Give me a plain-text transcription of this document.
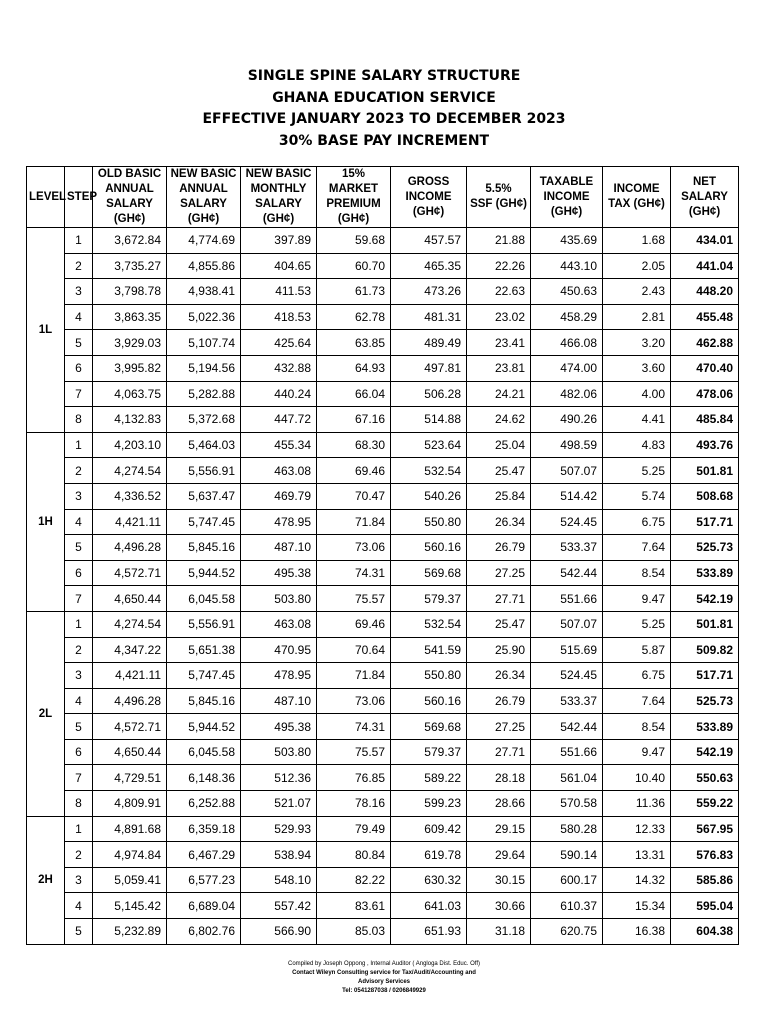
SINGLE SPINE SALARY STRUCTURE
GHANA EDUCATION SERVICE
EFFECTIVE JANUARY 2023 TO DECEMBER 2023
30% BASE PAY INCREMENT
LEVEL	STEP	OLD BASIC
ANNUAL
SALARY
(GH¢)	NEW BASIC
ANNUAL
SALARY
(GH¢)	NEW BASIC
MONTHLY
SALARY
(GH¢)	15%
MARKET
PREMIUM
(GH¢)	GROSS
INCOME
(GH¢)	5.5%
SSF (GH¢)	TAXABLE
INCOME
(GH¢)	INCOME
TAX (GH¢)	NET
SALARY
(GH¢)
1L	1	3,672.84	4,774.69	397.89	59.68	457.57	21.88	435.69	1.68	434.01
	2	3,735.27	4,855.86	404.65	60.70	465.35	22.26	443.10	2.05	441.04
	3	3,798.78	4,938.41	411.53	61.73	473.26	22.63	450.63	2.43	448.20
	4	3,863.35	5,022.36	418.53	62.78	481.31	23.02	458.29	2.81	455.48
	5	3,929.03	5,107.74	425.64	63.85	489.49	23.41	466.08	3.20	462.88
	6	3,995.82	5,194.56	432.88	64.93	497.81	23.81	474.00	3.60	470.40
	7	4,063.75	5,282.88	440.24	66.04	506.28	24.21	482.06	4.00	478.06
	8	4,132.83	5,372.68	447.72	67.16	514.88	24.62	490.26	4.41	485.84
1H	1	4,203.10	5,464.03	455.34	68.30	523.64	25.04	498.59	4.83	493.76
	2	4,274.54	5,556.91	463.08	69.46	532.54	25.47	507.07	5.25	501.81
	3	4,336.52	5,637.47	469.79	70.47	540.26	25.84	514.42	5.74	508.68
	4	4,421.11	5,747.45	478.95	71.84	550.80	26.34	524.45	6.75	517.71
	5	4,496.28	5,845.16	487.10	73.06	560.16	26.79	533.37	7.64	525.73
	6	4,572.71	5,944.52	495.38	74.31	569.68	27.25	542.44	8.54	533.89
	7	4,650.44	6,045.58	503.80	75.57	579.37	27.71	551.66	9.47	542.19
2L	1	4,274.54	5,556.91	463.08	69.46	532.54	25.47	507.07	5.25	501.81
	2	4,347.22	5,651.38	470.95	70.64	541.59	25.90	515.69	5.87	509.82
	3	4,421.11	5,747.45	478.95	71.84	550.80	26.34	524.45	6.75	517.71
	4	4,496.28	5,845.16	487.10	73.06	560.16	26.79	533.37	7.64	525.73
	5	4,572.71	5,944.52	495.38	74.31	569.68	27.25	542.44	8.54	533.89
	6	4,650.44	6,045.58	503.80	75.57	579.37	27.71	551.66	9.47	542.19
	7	4,729.51	6,148.36	512.36	76.85	589.22	28.18	561.04	10.40	550.63
	8	4,809.91	6,252.88	521.07	78.16	599.23	28.66	570.58	11.36	559.22
2H	1	4,891.68	6,359.18	529.93	79.49	609.42	29.15	580.28	12.33	567.95
	2	4,974.84	6,467.29	538.94	80.84	619.78	29.64	590.14	13.31	576.83
	3	5,059.41	6,577.23	548.10	82.22	630.32	30.15	600.17	14.32	585.86
	4	5,145.42	6,689.04	557.42	83.61	641.03	30.66	610.37	15.34	595.04
	5	5,232.89	6,802.76	566.90	85.03	651.93	31.18	620.75	16.38	604.38
Compiled by Joseph Oppong , Internal Auditor ( Angloga Dist. Educ. Off)
Contact Wileyn Consulting service for Tax/Audit/Accounting and
Advisory Services
Tel: 0541287038 / 0206849929
